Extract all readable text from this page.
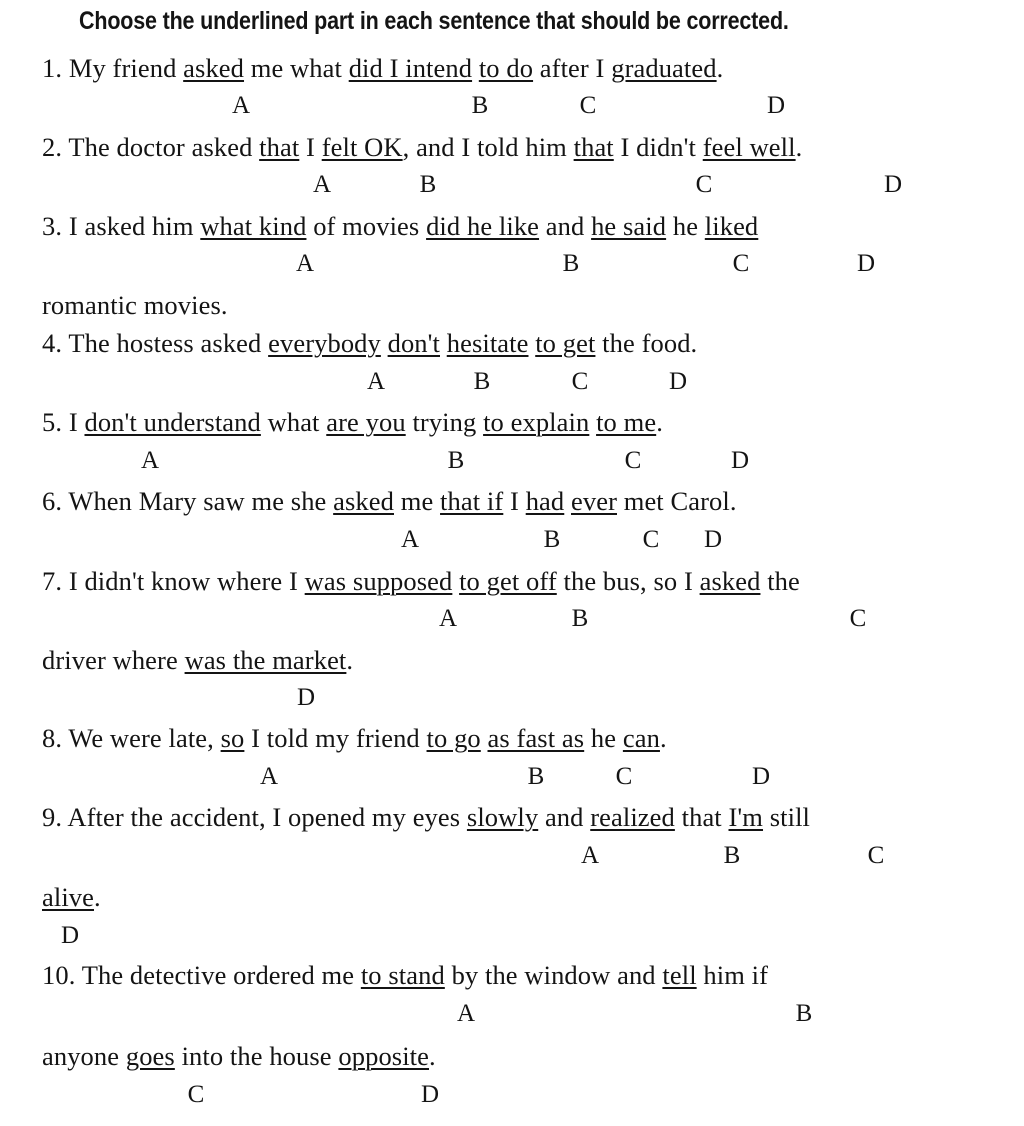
Choose the underlined part in each sentence that should be corrected.
1. My friend asked me what did I intend to do after I graduated.
A	B	C	D
2. The doctor asked that I felt OK, and I told him that I didn't feel well.
A	B	C	D
3. I asked him what kind of movies did he like and he said he liked
A	B	C	D
romantic movies.
4. The hostess asked everybody don't hesitate to get the food.
A	B	C	D
5. I don't understand what are you trying to explain to me.
A	B	C	D
6. When Mary saw me she asked me that if I had ever met Carol.
A	B	C D
7. I didn't know where I was supposed to get off the bus, so I asked the
A	B	C
driver where was the market.
D
8. We were late, so I told my friend to go as fast as he can.
A	B	C	D
9. After the accident, I opened my eyes slowly and realized that I'm still
A	B	C
alive.
D
10. The detective ordered me to stand by the window and tell him if
A	B
anyone goes into the house opposite.
C	D
